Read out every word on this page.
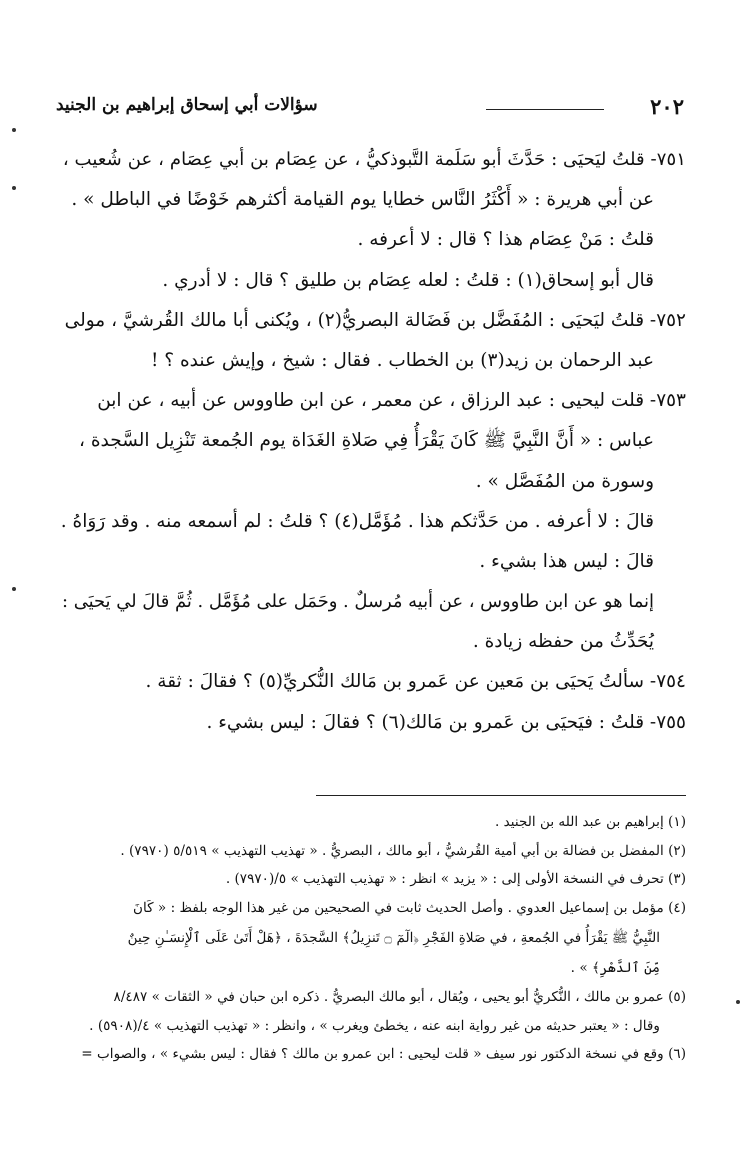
٢٠٢
سؤالات أبي إسحاق إبراهيم بن الجنيد
٧٥١- قلتُ ليَحيَى : حَدَّثَ أبو سَلَمة التَّبوذكيُّ ، عن عِصَام بن أبي عِصَام ، عن شُعيب ،
عن أبي هريرة : « أَكْثَرُ النَّاس خطايا يوم القيامة أكثرهم خَوْضًا في الباطل » .
قلتُ : مَنْ عِصَام هذا ؟ قال : لا أعرفه .
قال أبو إسحاق(١) : قلتُ : لعله عِصَام بن طليق ؟ قال : لا أدري .
٧٥٢- قلتُ ليَحيَى : المُفَضَّل بن فَضَالة البصريُّ(٢) ، ويُكنى أبا مالك القُرشيَّ ، مولى
عبد الرحمان بن زيد(٣) بن الخطاب . فقال : شيخ ، وإيش عنده ؟ !
٧٥٣- قلت ليحيى : عبد الرزاق ، عن معمر ، عن ابن طاووس عن أبيه ، عن ابن
عباس : « أَنَّ النَّبِيَّ ﷺ كَانَ يَقْرَأُ فِي صَلاةِ الغَدَاة يوم الجُمعة تَنْزِيل السَّجدة ،
وسورة من المُفَصَّل » .
قالَ : لا أعرفه . من حَدَّثكم هذا . مُؤَمَّل(٤) ؟ قلتُ : لم أسمعه منه . وقد رَوَاهُ .
قالَ : ليس هذا بشيء .
إنما هو عن ابن طاووس ، عن أبيه مُرسلٌ . وحَمَل على مُؤَمَّل . ثُمَّ قالَ لي يَحيَى :
يُحَدِّثُ من حفظه زيادة .
٧٥٤- سألتُ يَحيَى بن مَعين عن عَمرو بن مَالك النُّكريِّ(٥) ؟ فقالَ : ثقة .
٧٥٥- قلتُ : فيَحيَى بن عَمرو بن مَالك(٦) ؟ فقالَ : ليس بشيء .
(١) إبراهيم بن عبد الله بن الجنيد .
(٢) المفضل بن فضالة بن أبي أمية القُرشيُّ ، أبو مالك ، البصريُّ . « تهذيب التهذيب » ٥/٥١٩ (٧٩٧٠) .
(٣) تحرف في النسخة الأولى إلى : « يزيد » انظر : « تهذيب التهذيب » ٥/(٧٩٧٠) .
(٤) مؤمل بن إسماعيل العدوي . وأصل الحديث ثابت في الصحيحين من غير هذا الوجه بلفظ : « كَانَ
النَّبِيُّ ﷺ يَقْرَأُ في الجُمعةِ ، في صَلاةِ الفَجْرِ ﴿الٓمٓ ۝ تَنزِيلُ﴾ السَّجدَةَ ، ﴿هَلْ أَتَىٰ عَلَى ٱلْإِنسَـٰنِ حِينٌ
مِّنَ ٱلدَّهْرِ﴾ » .
(٥) عمرو بن مالك ، النُّكريُّ أبو يحيى ، ويُقال ، أبو مالك البصريُّ . ذكره ابن حبان في « الثقات » ٨/٤٨٧
وقال : « يعتبر حديثه من غير رواية ابنه عنه ، يخطئ ويغرب » ، وانظر : « تهذيب التهذيب » ٤/(٥٩٠٨) .
(٦) وقع في نسخة الدكتور نور سيف « قلت ليحيى : ابن عمرو بن مالك ؟ فقال : ليس بشيء » ، والصواب =
